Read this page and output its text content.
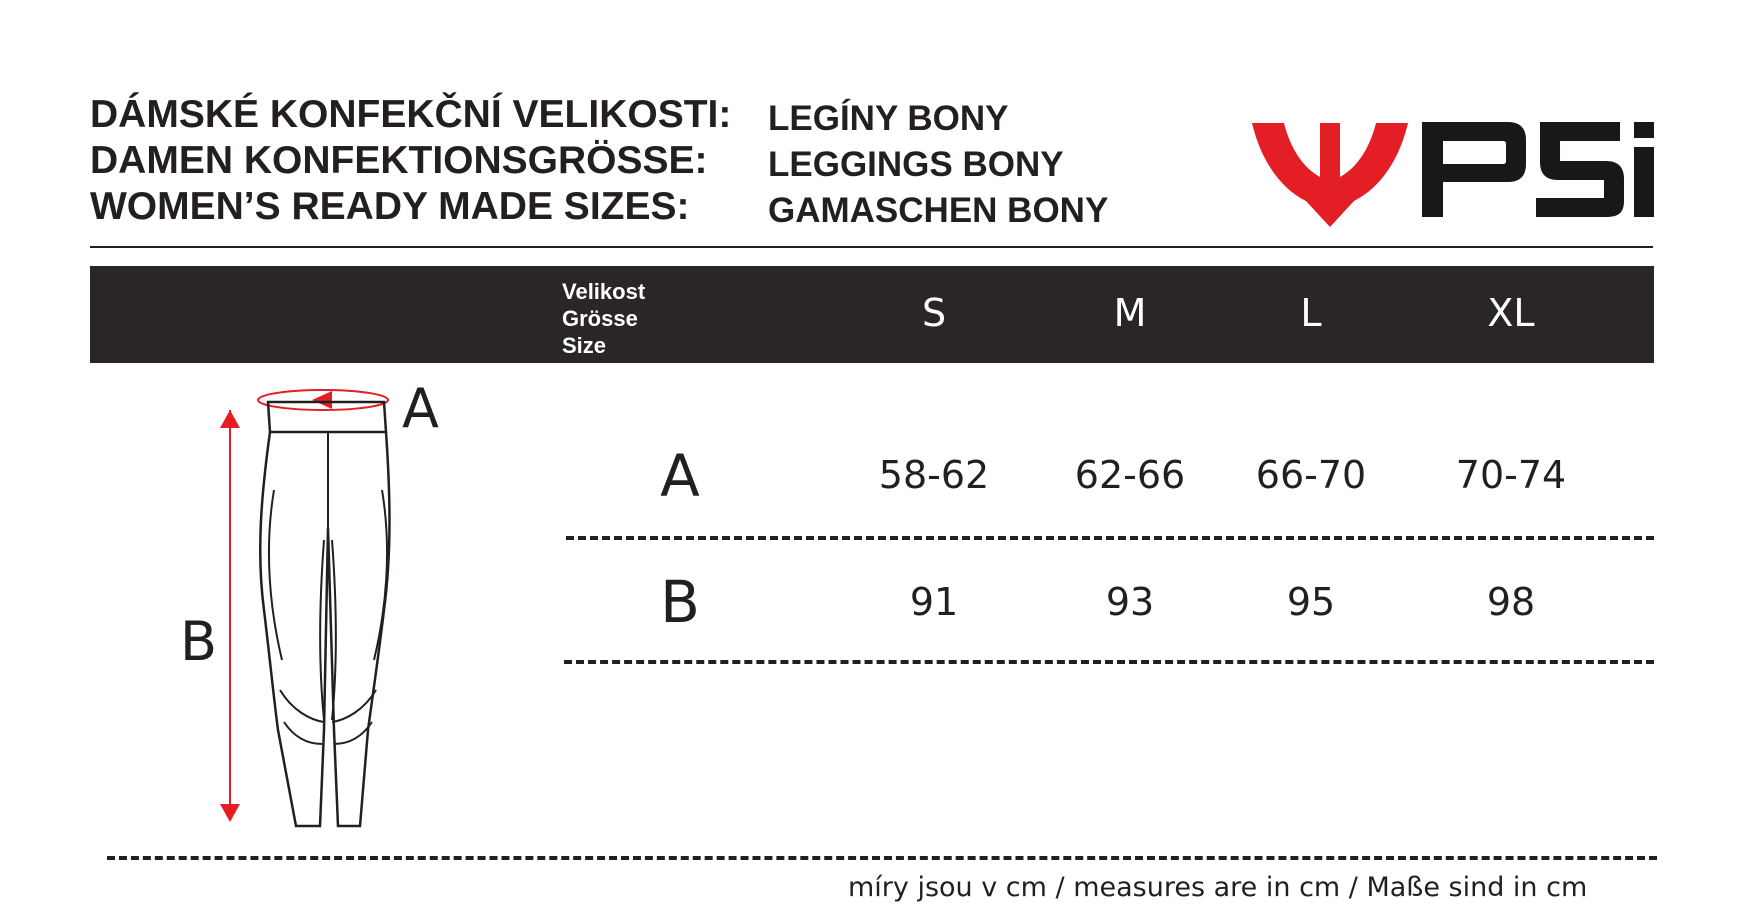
DÁMSKÉ KONFEKČNÍ VELIKOSTI:
DAMEN KONFEKTIONSGRÖSSE:
WOMEN’S READY MADE SIZES:
LEGÍNY BONY
LEGGINGS BONY
GAMASCHEN BONY
Velikost
Grösse
Size
S	M	L	XL
A	58-62	62-66	66-70	70-74
B	91	93	95	98
A
B
míry jsou v cm / measures are in cm / Maße sind in cm
